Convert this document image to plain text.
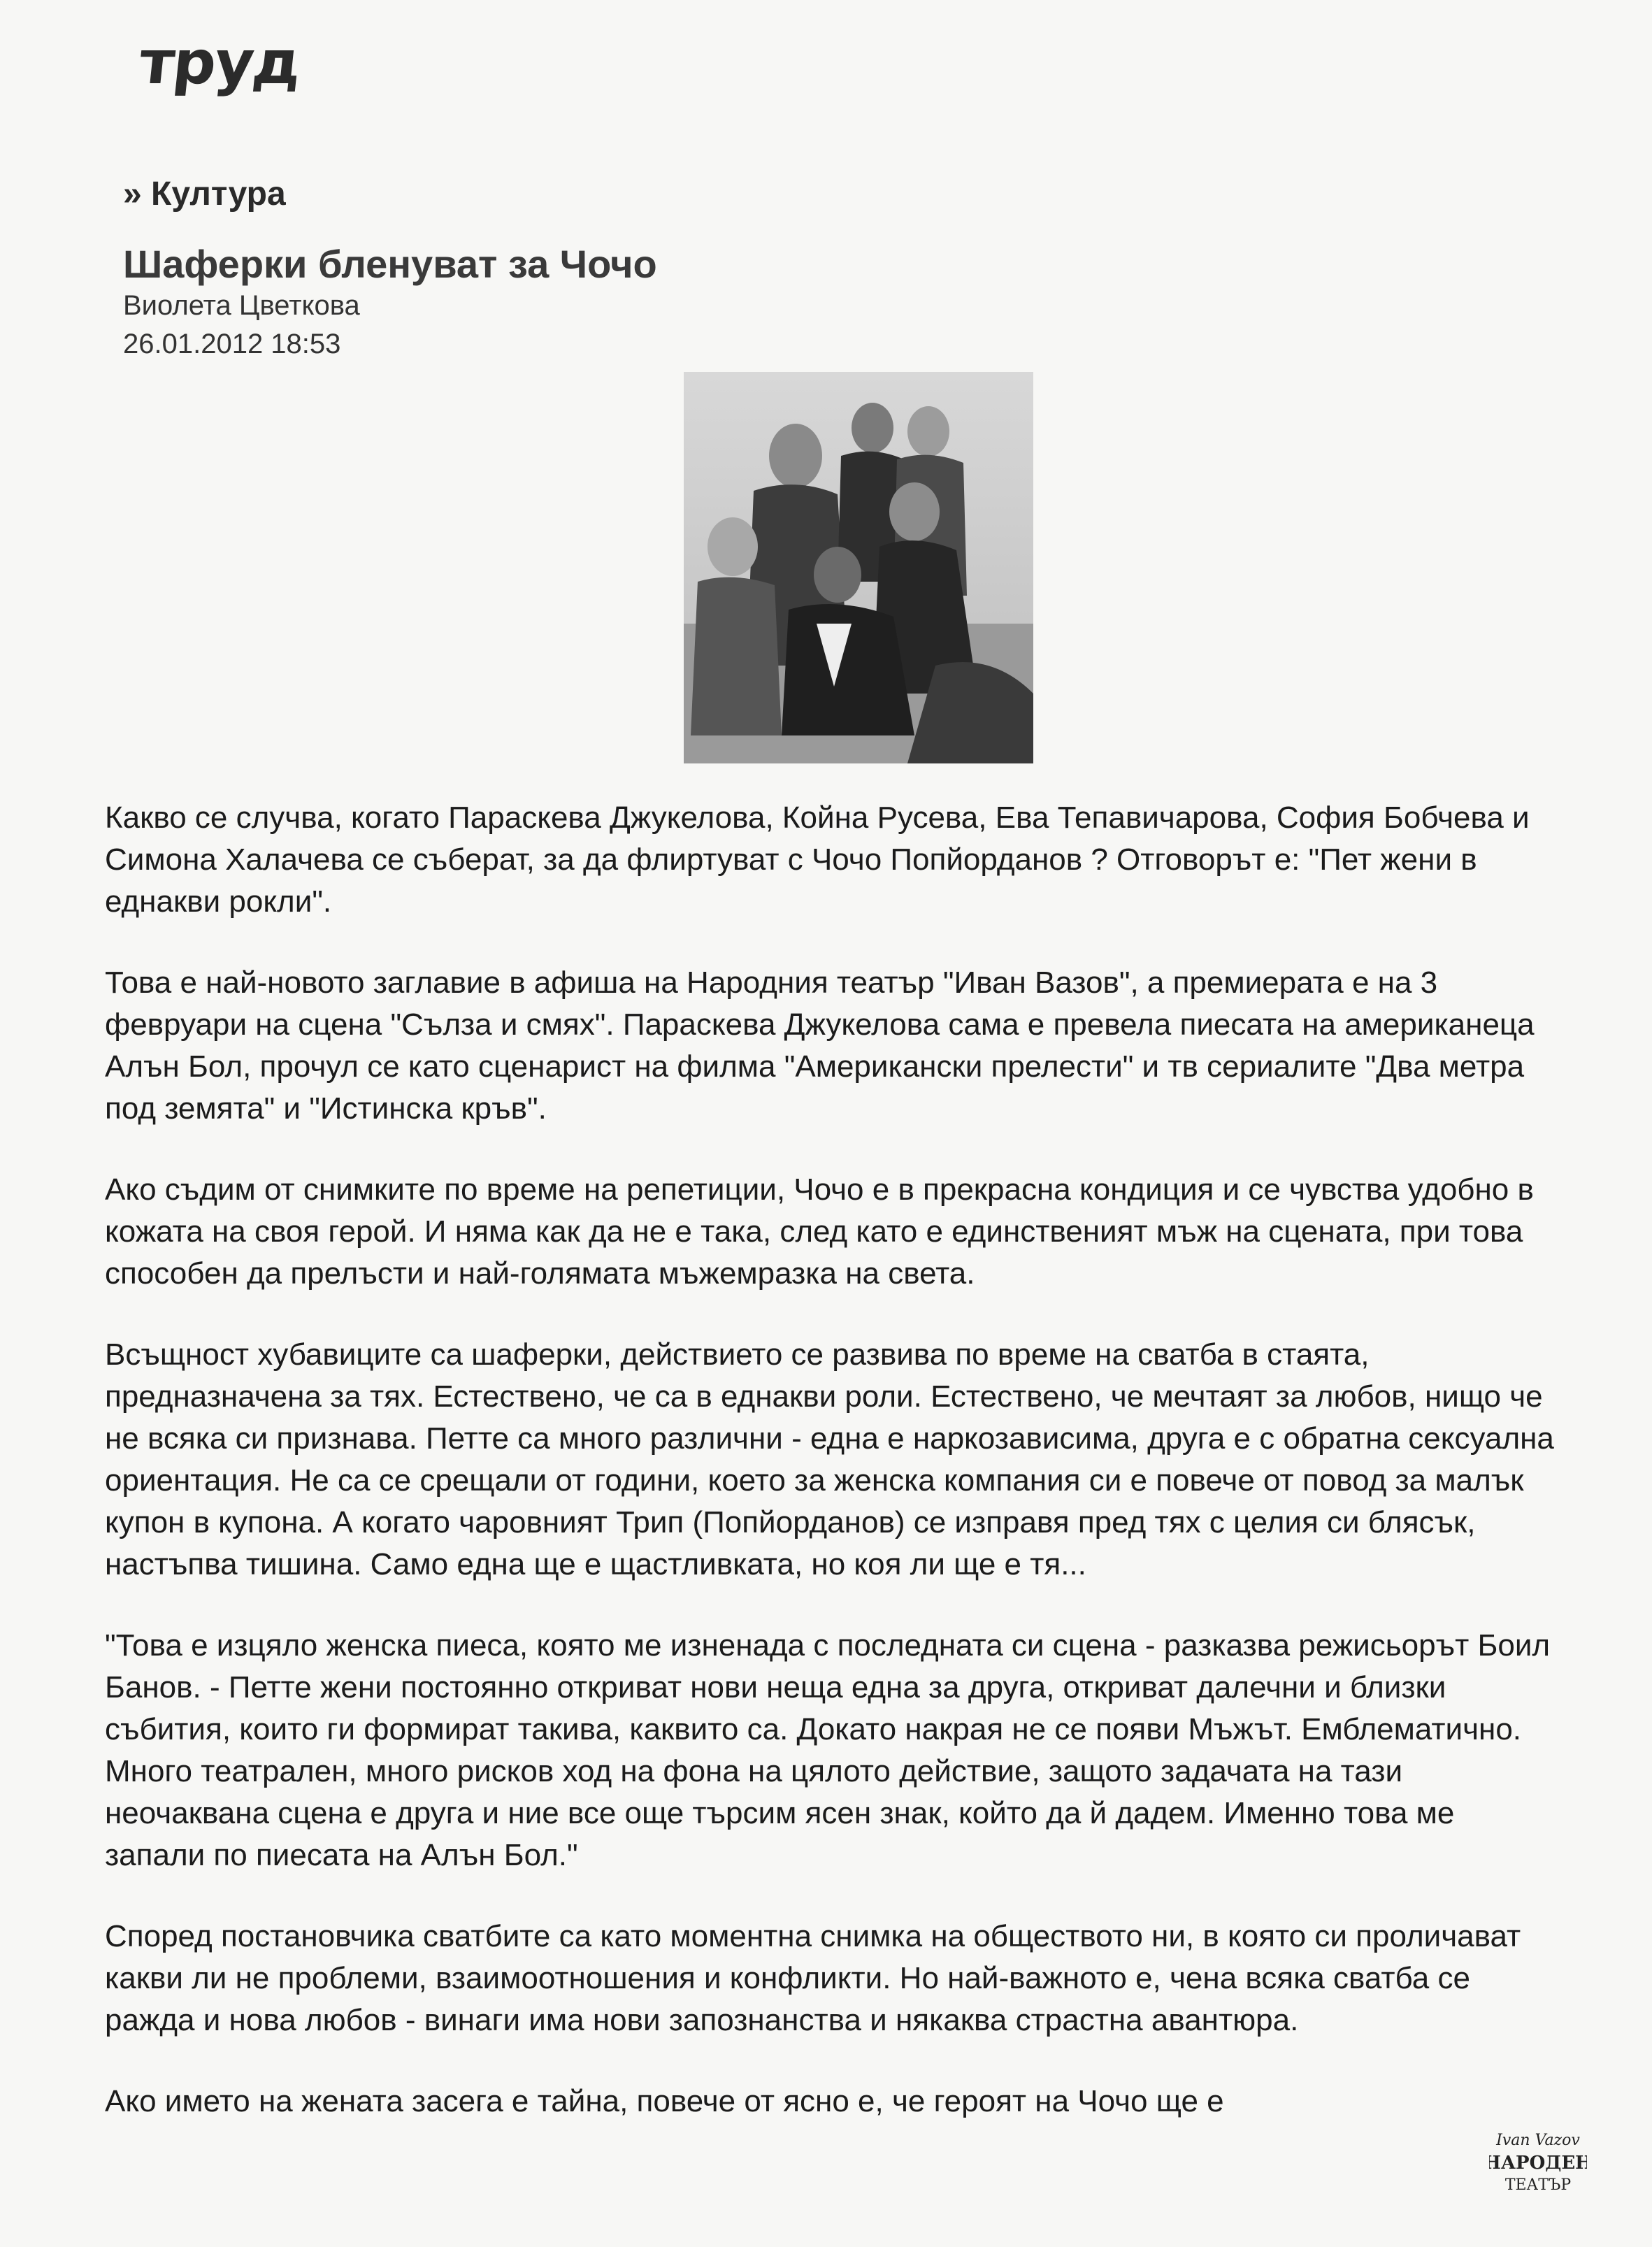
труд
» Култура
Шаферки бленуват за Чочо
Виолета Цветкова
26.01.2012 18:53

Какво се случва, когато Параскева Джукелова, Койна Русева, Ева Тепавичарова, София Бобчева и Симона Халачева се съберат, за да флиртуват с Чочо Попйорданов ? Отговорът е: "Пет жени в еднакви рокли".

Това е най-новото заглавие в афиша на Народния театър "Иван Вазов", а премиерата е на 3 февруари на сцена "Сълза и смях". Параскева Джукелова сама е превела пиесата на американеца Алън Бол, прочул се като сценарист на филма "Американски прелести" и тв сериалите "Два метра под земята" и "Истинска кръв".

Ако съдим от снимките по време на репетиции, Чочо е в прекрасна кондиция и се чувства удобно в кожата на своя герой. И няма как да не е така, след като е единственият мъж на сцената, при това способен да прелъсти и най-голямата мъжемразка на света.

Всъщност хубавиците са шаферки, действието се развива по време на сватба в стаята, предназначена за тях. Естествено, че са в еднакви роли. Естествено, че мечтаят за любов, нищо че не всяка си признава. Петте са много различни - една е наркозависима, друга е с обратна сексуална ориентация. Не са се срещали от години, което за женска компания си е повече от повод за малък купон в купона. А когато чаровният Трип (Попйорданов) се изправя пред тях с целия си блясък, настъпва тишина. Само една ще е щастливката, но коя ли ще е тя...

"Това е изцяло женска пиеса, която ме изненада с последната си сцена - разказва режисьорът Боил Банов. - Петте жени постоянно откриват нови неща една за друга, откриват далечни и близки събития, които ги формират такива, каквито са. Докато накрая не се появи Мъжът. Емблематично. Много театрален, много рисков ход на фона на цялото действие, защото задачата на тази неочаквана сцена е друга и ние все още търсим ясен знак, който да й дадем. Именно това ме запали по пиесата на Алън Бол."

Според постановчика сватбите са като моментна снимка на обществото ни, в която си проличават какви ли не проблеми, взаимоотношения и конфликти. Но най-важното е, чена всяка сватба се ражда и нова любов - винаги има нови запознанства и някаква страстна авантюра.

Ако името на жената засега е тайна, повече от ясно е, че героят на Чочо ще е

Ivan Vazov
НАРОДЕН
ТЕАТЪР
